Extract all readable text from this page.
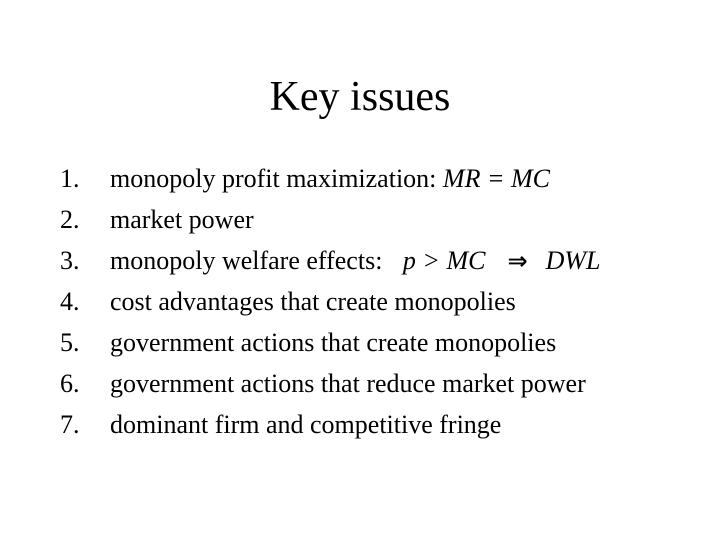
Key issues
1.	monopoly profit maximization: MR = MC
2.	market power
3.	monopoly welfare effects: p > MC ⇒ DWL
4.	cost advantages that create monopolies
5.	government actions that create monopolies
6.	government actions that reduce market power
7.	dominant firm and competitive fringe
